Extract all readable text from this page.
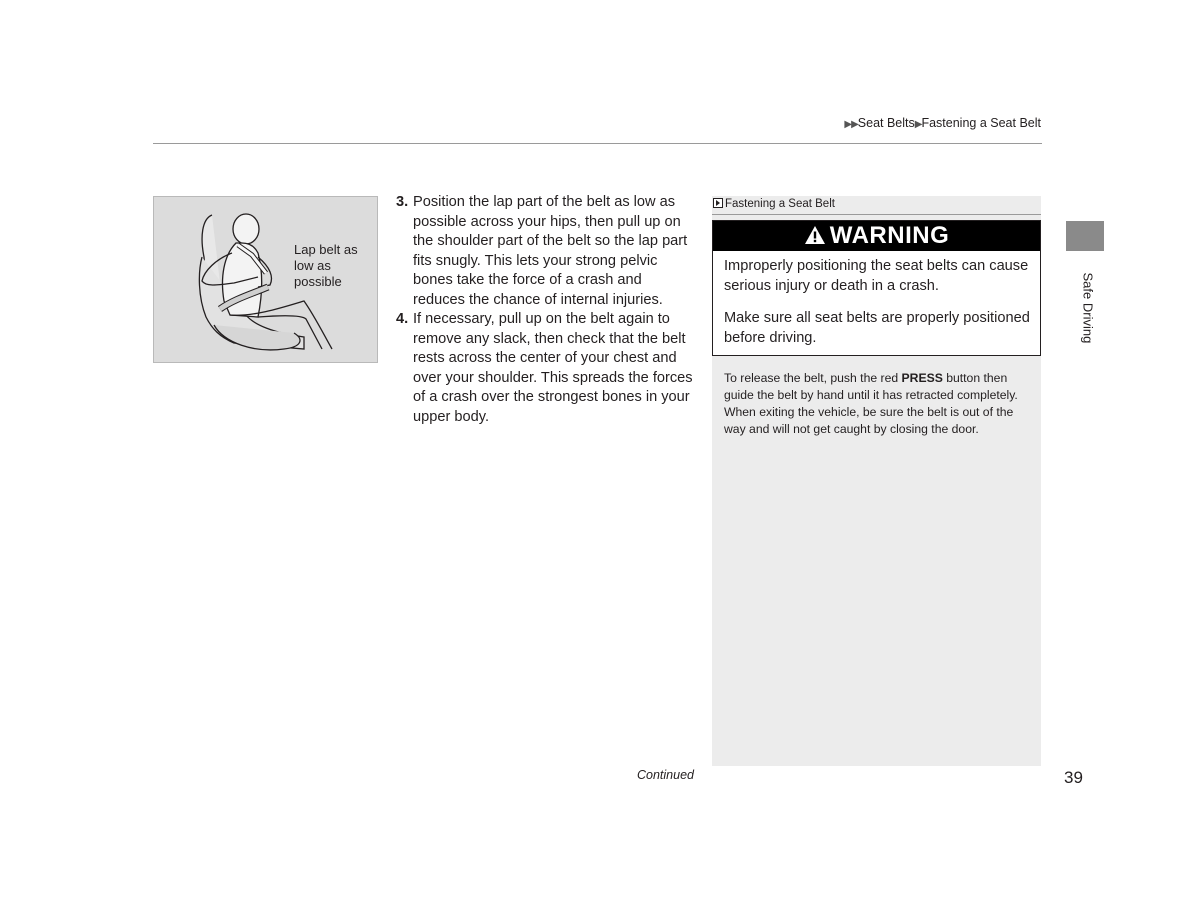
▶▶Seat Belts▶Fastening a Seat Belt
Lap belt as low as possible

3. Position the lap part of the belt as low as possible across your hips, then pull up on the shoulder part of the belt so the lap part fits snugly. This lets your strong pelvic bones take the force of a crash and reduces the chance of internal injuries.

4. If necessary, pull up on the belt again to remove any slack, then check that the belt rests across the center of your chest and over your shoulder. This spreads the forces of a crash over the strongest bones in your upper body.

Fastening a Seat Belt
WARNING

Improperly positioning the seat belts can cause serious injury or death in a crash.

Make sure all seat belts are properly positioned before driving.

To release the belt, push the red PRESS button then guide the belt by hand until it has retracted completely.

When exiting the vehicle, be sure the belt is out of the way and will not get caught by closing the door.

Safe Driving
Continued	39
